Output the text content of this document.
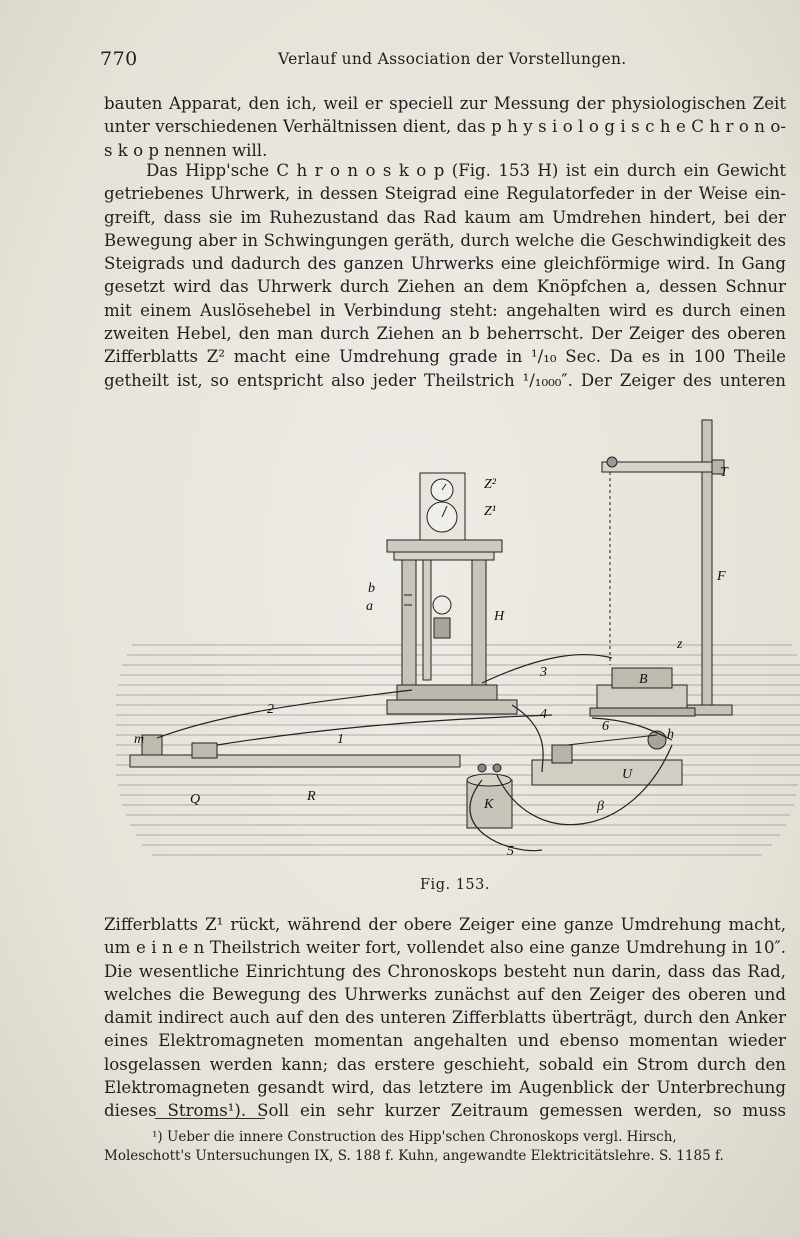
770	Verlauf und Association der Vorstellungen.
bauten Apparat, den ich, weil er speciell zur Messung der physiologischen Zeit
unter verschiedenen Verhältnissen dient, das p h y s i o l o g i s c h e C h r o n o-
s k o p nennen will.
Das Hipp'sche C h r o n o s k o p (Fig. 153 H) ist ein durch ein Gewicht
getriebenes Uhrwerk, in dessen Steigrad eine Regulatorfeder in der Weise ein-
greift, dass sie im Ruhezustand das Rad kaum am Umdrehen hindert, bei der
Bewegung aber in Schwingungen geräth, durch welche die Geschwindigkeit des
Steigrads und dadurch des ganzen Uhrwerks eine gleichförmige wird. In Gang
gesetzt wird das Uhrwerk durch Ziehen an dem Knöpfchen a, dessen Schnur
mit einem Auslösehebel in Verbindung steht: angehalten wird es durch einen
zweiten Hebel, den man durch Ziehen an b beherrscht. Der Zeiger des oberen
Zifferblatts Z² macht eine Umdrehung grade in ¹/₁₀ Sec. Da es in 100 Theile
getheilt ist, so entspricht also jeder Theilstrich ¹/₁₀₀₀″. Der Zeiger des unteren
Z²
Z¹
H
b
a
T
F
B
K
U
Q	R
m
z
h
β
1
2
3
4
5
6
Fig. 153.
Zifferblatts Z¹ rückt, während der obere Zeiger eine ganze Umdrehung macht,
um e i n e n Theilstrich weiter fort, vollendet also eine ganze Umdrehung in 10″.
Die wesentliche Einrichtung des Chronoskops besteht nun darin, dass das Rad,
welches die Bewegung des Uhrwerks zunächst auf den Zeiger des oberen und
damit indirect auch auf den des unteren Zifferblatts überträgt, durch den Anker
eines Elektromagneten momentan angehalten und ebenso momentan wieder
losgelassen werden kann; das erstere geschieht, sobald ein Strom durch den
Elektromagneten gesandt wird, das letztere im Augenblick der Unterbrechung
dieses Stroms¹). Soll ein sehr kurzer Zeitraum gemessen werden, so muss
¹) Ueber die innere Construction des Hipp'schen Chronoskops vergl. Hirsch,
Moleschott's Untersuchungen IX, S. 188 f. Kuhn, angewandte Elektricitätslehre. S. 1185 f.
